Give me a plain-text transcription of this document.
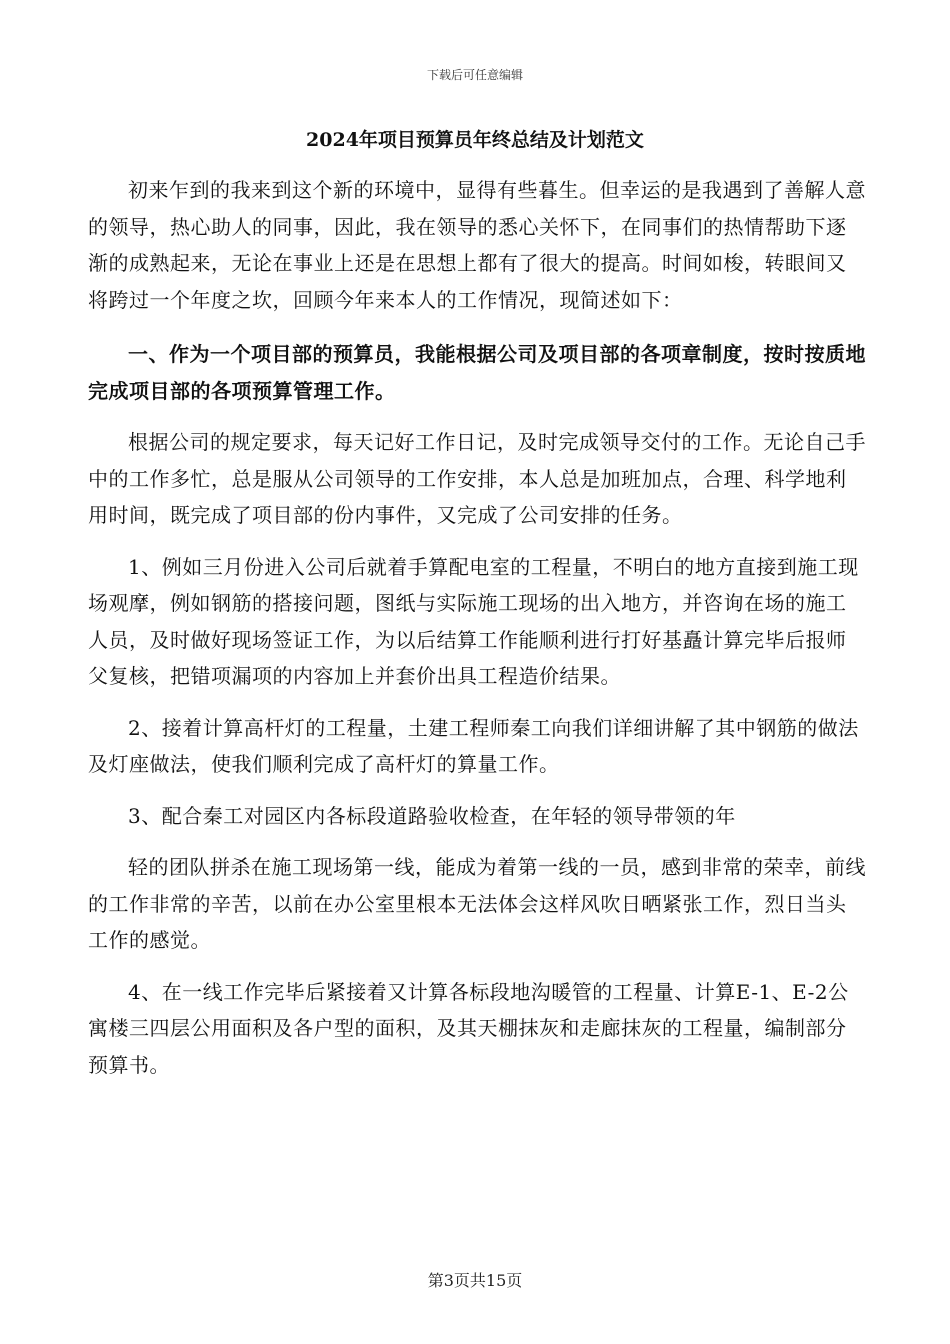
下载后可任意编辑
2024年项目预算员年终总结及计划范文

初来乍到的我来到这个新的环境中，显得有些暮生。但幸运的是我遇到了善解人意的领导，热心助人的同事，因此，我在领导的悉心关怀下，在同事们的热情帮助下逐渐的成熟起来，无论在事业上还是在思想上都有了很大的提高。时间如梭，转眼间又将跨过一个年度之坎，回顾今年来本人的工作情况，现简述如下：

一、作为一个项目部的预算员，我能根据公司及项目部的各项章制度，按时按质地完成项目部的各项预算管理工作。

根据公司的规定要求，每天记好工作日记，及时完成领导交付的工作。无论自己手中的工作多忙，总是服从公司领导的工作安排，本人总是加班加点，合理、科学地利用时间，既完成了项目部的份内事件，又完成了公司安排的任务。

1、例如三月份进入公司后就着手算配电室的工程量，不明白的地方直接到施工现场观摩，例如钢筋的搭接问题，图纸与实际施工现场的出入地方，并咨询在场的施工人员，及时做好现场签证工作，为以后结算工作能顺利进行打好基矗计算完毕后报师父复核，把错项漏项的内容加上并套价出具工程造价结果。

2、接着计算高杆灯的工程量，土建工程师秦工向我们详细讲解了其中钢筋的做法及灯座做法，使我们顺利完成了高杆灯的算量工作。

3、配合秦工对园区内各标段道路验收检查，在年轻的领导带领的年

轻的团队拼杀在施工现场第一线，能成为着第一线的一员，感到非常的荣幸，前线的工作非常的辛苦，以前在办公室里根本无法体会这样风吹日晒紧张工作，烈日当头工作的感觉。

4、在一线工作完毕后紧接着又计算各标段地沟暖管的工程量、计算E-1、E-2公寓楼三四层公用面积及各户型的面积，及其天棚抹灰和走廊抹灰的工程量，编制部分预算书。

第3页共15页
